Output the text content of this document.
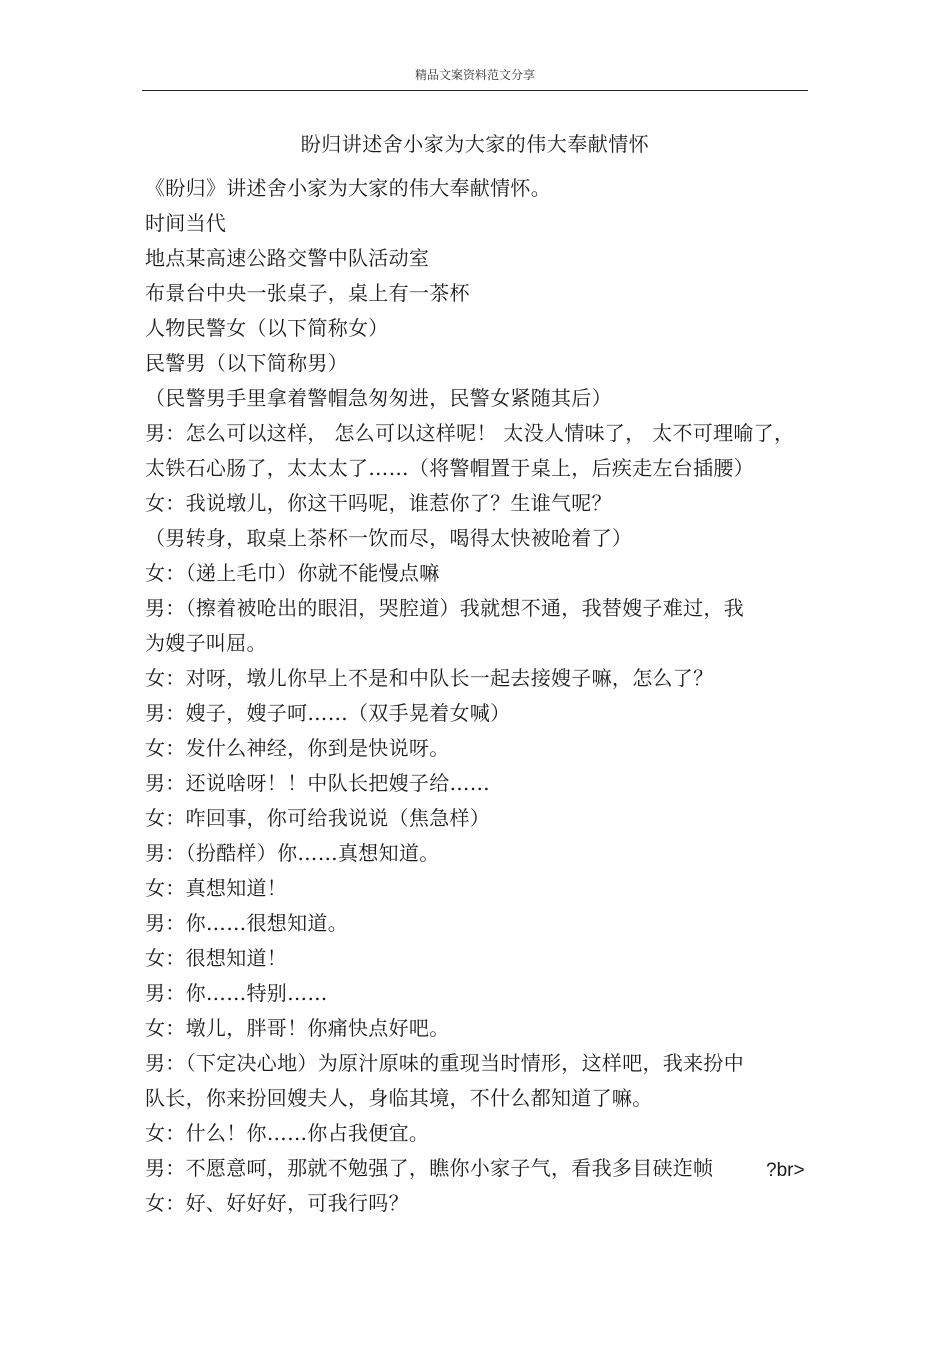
精品文案资料范文分享
盼归讲述舍小家为大家的伟大奉献情怀
《盼归》讲述舍小家为大家的伟大奉献情怀。
时间当代
地点某高速公路交警中队活动室
布景台中央一张桌子，桌上有一茶杯
人物民警女（以下简称女）
民警男（以下简称男）
（民警男手里拿着警帽急匆匆进，民警女紧随其后）
男：怎么可以这样， 怎么可以这样呢！ 太没人情味了， 太不可理喻了，
太铁石心肠了，太太太了……（将警帽置于桌上，后疾走左台插腰）
女：我说墩儿，你这干吗呢，谁惹你了？生谁气呢？
（男转身，取桌上茶杯一饮而尽，喝得太快被呛着了）
女：（递上毛巾）你就不能慢点嘛
男：（擦着被呛出的眼泪，哭腔道）我就想不通，我替嫂子难过，我
为嫂子叫屈。
女：对呀，墩儿你早上不是和中队长一起去接嫂子嘛，怎么了？
男：嫂子，嫂子呵……（双手晃着女喊）
女：发什么神经，你到是快说呀。
男：还说啥呀！！中队长把嫂子给……
女：咋回事，你可给我说说（焦急样）
男：（扮酷样）你……真想知道。
女：真想知道！
男：你……很想知道。
女：很想知道！
男：你……特别……
女：墩儿，胖哥！你痛快点好吧。
男：（下定决心地）为原汁原味的重现当时情形，这样吧，我来扮中
队长，你来扮回嫂夫人，身临其境，不什么都知道了嘛。
女：什么！你……你占我便宜。
男：不愿意呵，那就不勉强了，瞧你小家子气，看我多目硖迮帧
女：好、好好好，可我行吗？
?br>
